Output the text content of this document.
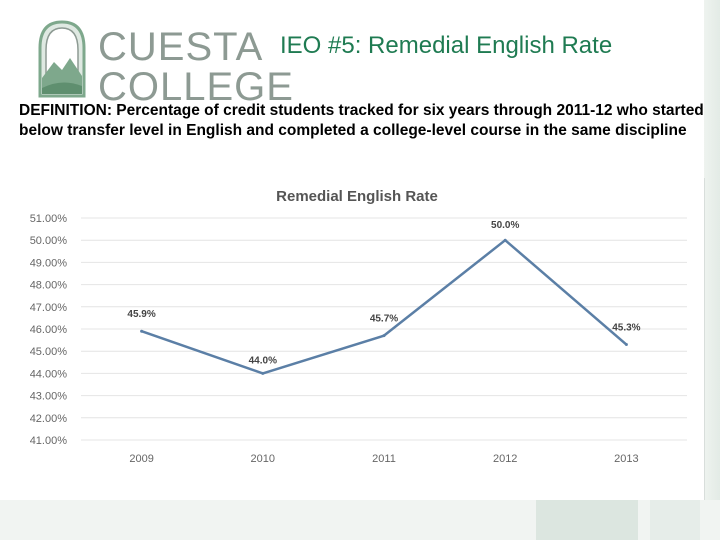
CUESTA
COLLEGE
IEO #5: Remedial English Rate
DEFINITION: Percentage of credit students tracked for six years through 2011-12 who started below transfer level in English and completed a college-level course in the same discipline
Remedial English Rate
51.00%
50.00%
49.00%
48.00%
47.00%
46.00%
45.00%
44.00%
43.00%
42.00%
41.00%
2009	2010	2011	2012	2013
45.9%
44.0%
45.7%
50.0%
45.3%
